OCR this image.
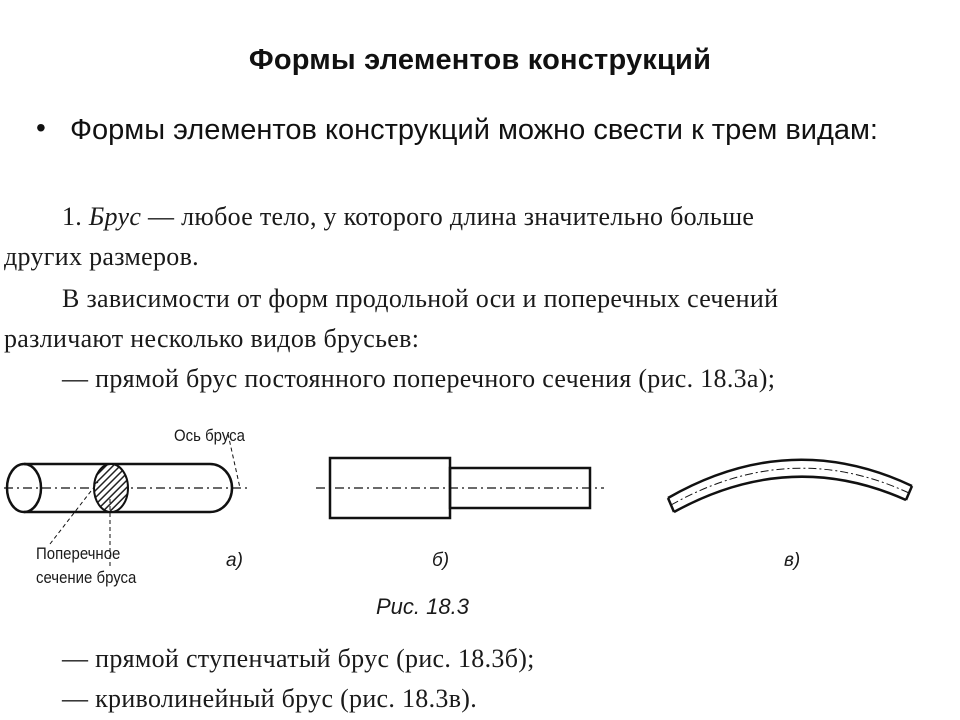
Формы элементов конструкций
• Формы элементов конструкций можно свести к трем видам:
1. Брус — любое тело, у которого длина значительно больше
других размеров.
В зависимости от форм продольной оси и поперечных сечений
различают несколько видов брусьев:
— прямой брус постоянного поперечного сечения (рис. 18.3а);
— прямой ступенчатый брус (рис. 18.3б);
— криволинейный брус (рис. 18.3в).
Ось бруса
Поперечное
сечение бруса
а)	б)	в)
Рис. 18.3
